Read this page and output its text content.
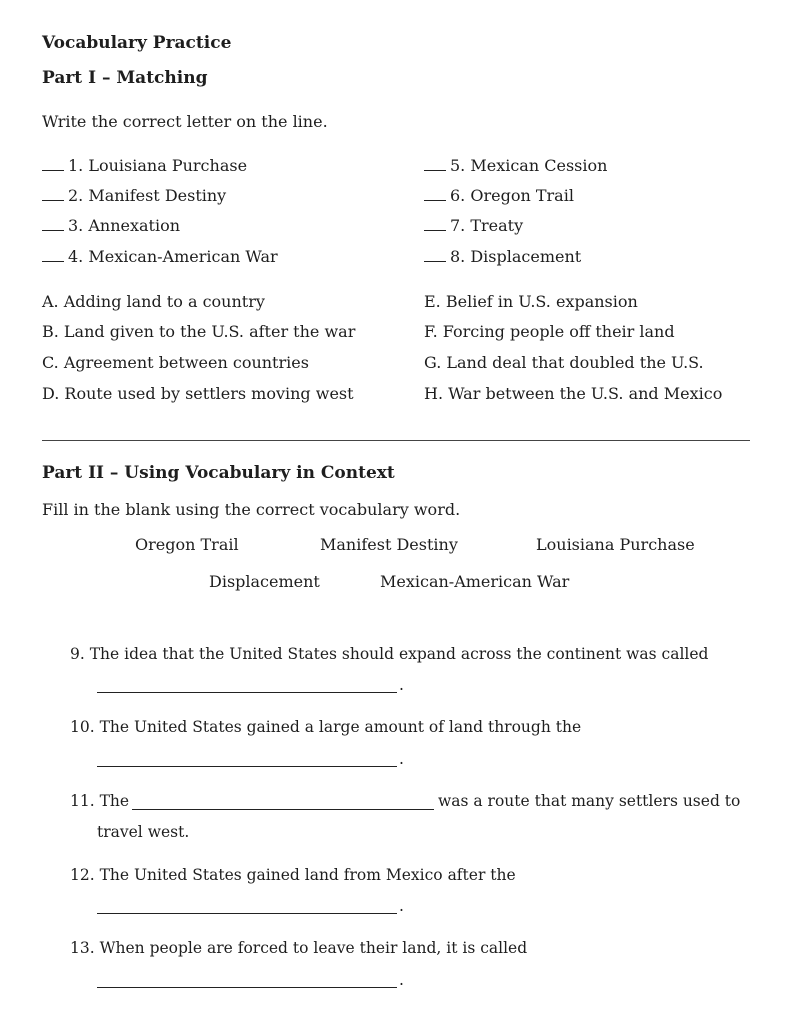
Vocabulary Practice
Part I – Matching
Write the correct letter on the line.
1. Louisiana Purchase
2. Manifest Destiny
3. Annexation
4. Mexican-American War
5. Mexican Cession
6. Oregon Trail
7. Treaty
8. Displacement
A. Adding land to a country
B. Land given to the U.S. after the war
C. Agreement between countries
D. Route used by settlers moving west
E. Belief in U.S. expansion
F. Forcing people off their land
G. Land deal that doubled the U.S.
H. War between the U.S. and Mexico
Part II – Using Vocabulary in Context
Fill in the blank using the correct vocabulary word.
Oregon Trail	Manifest Destiny	Louisiana Purchase
Displacement	Mexican-American War
9. The idea that the United States should expand across the continent was called
.
10. The United States gained a large amount of land through the
.
11. The	was a route that many settlers used to
travel west.
12. The United States gained land from Mexico after the
.
13. When people are forced to leave their land, it is called
.
